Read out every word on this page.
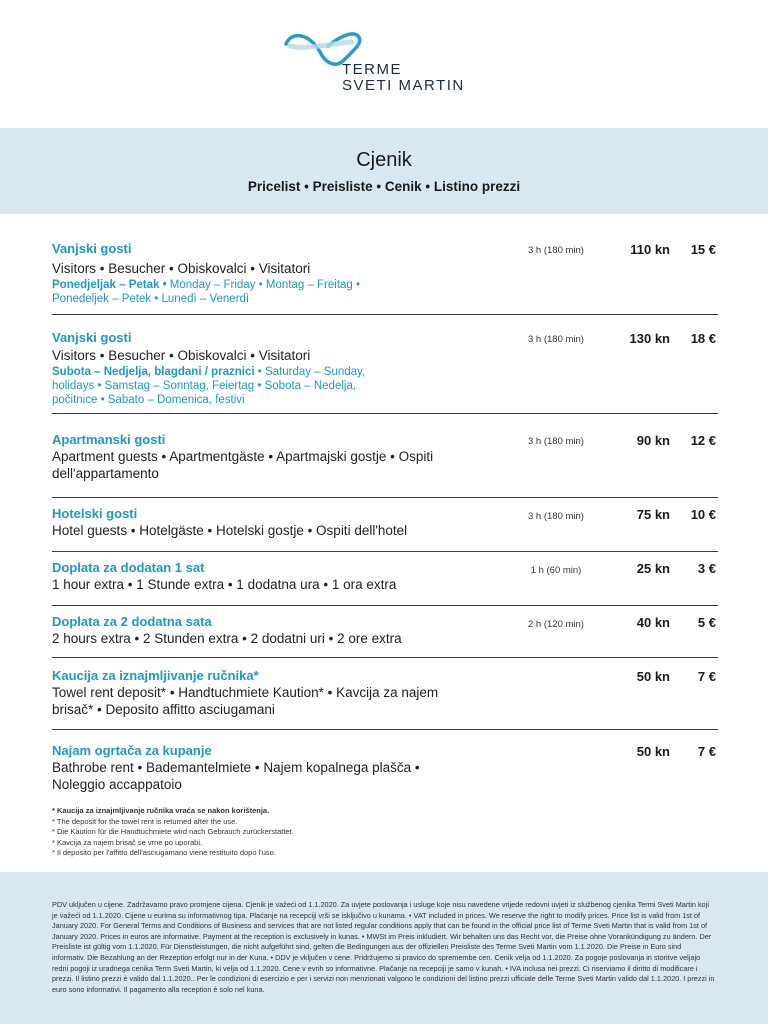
TERME
SVETI MARTIN
Cjenik
Pricelist • Preisliste • Cenik • Listino prezzi
Vanjski gosti
Visitors • Besucher • Obiskovalci • Visitatori
Ponedjeljak – Petak • Monday – Friday • Montag – Freitag • Ponedeljek – Petek • Lunedì – Venerdì
3 h (180 min)	110 kn 15 €
Vanjski gosti
Visitors • Besucher • Obiskovalci • Visitatori
Subota – Nedjelja, blagdani / praznici • Saturday – Sunday, holidays • Samstag – Sonntag, Feiertag • Sobota – Nedelja, počitnice • Sabato – Domenica, festivi
3 h (180 min)	130 kn 18 €
Apartmanski gosti
Apartment guests • Apartmentgäste • Apartmajski gostje • Ospiti dell'appartamento
3 h (180 min)	90 kn 12 €
Hotelski gosti
Hotel guests • Hotelgäste • Hotelski gostje • Ospiti dell'hotel
3 h (180 min)	75 kn 10 €
Doplata za dodatan 1 sat
1 hour extra • 1 Stunde extra • 1 dodatna ura • 1 ora extra
1 h (60 min)	25 kn 3 €
Doplata za 2 dodatna sata
2 hours extra • 2 Stunden extra • 2 dodatni uri • 2 ore extra
2 h (120 min)	40 kn 5 €
Kaucija za iznajmljivanje ručnika*
Towel rent deposit* • Handtuchmiete Kaution* • Kavcija za najem brisač* • Deposito affitto asciugamani
50 kn 7 €
Najam ogrtača za kupanje
Bathrobe rent • Bademantelmiete • Najem kopalnega plašča • Noleggio accappatoio
50 kn 7 €
* Kaucija za iznajmljivanje ručnika vraća se nakon korištenja.
* The deposit for the towel rent is returned after the use.
* Die Kaution für die Handtuchmiete wird nach Gebrauch zurückerstattet.
* Kavcija za najem brisač se vrne po uporabi.
* Il deposito per l'affitto dell'asciugamano viene restituito dopo l'uso.
PDV uključen u cijene. Zadržavamo pravo promjene cijena. Cjenik je važeći od 1.1.2020. Za uvjete poslovanja i usluge koje nisu navedene vrijede redovni uvjeti iz službenog cjenika Termi Sveti Martin koji je važeći od 1.1.2020. Cijene u eurima su informativnog tipa. Plaćanje na recepciji vrši se isključivo u kunama. • VAT included in prices. We reserve the right to modify prices. Price list is valid from 1st of January 2020. For General Terms and Conditions of Business and services that are not listed regular conditions apply that can be found in the official price list of Terme Sveti Martin that is valid from 1st of January 2020. Prices in euros are informative. Payment at the reception is exclusively in kunas. • MWSt im Preis inkludiert. Wir behalten uns das Recht vor, die Preise ohne Vorankündigung zu ändern. Der Preisliste ist gültig vom 1.1.2020. Für Dienstleistungen, die nicht aufgeführt sind, gelten die Bedingungen aus der offiziellen Preisliste des Terme Sveti Martin vom 1.1.2020. Die Preise in Euro sind informativ. Die Bezahlung an der Rezeption erfolgt nur in der Kuna. • DDV je vključen v cene. Pridržujemo si pravico do spremembe cen. Cenik velja od 1.1.2020. Za pogoje poslovanja in storitve veljajo redni pogoji iz uradnega cenika Term Sveti Martin, ki velja od 1.1.2020. Cene v evrih so informativne. Plačanje na recepciji je samo v kunah. • IVA inclusa nei prezzi. Ci riserviamo il diritto di modificare i prezzi. Il listino prezzi è valido dal 1.1.2020.. Per le condizioni di esercizio e per i servizi non menzionati valgono le condizioni del listino prezzi ufficiale delle Terme Sveti Martin valido dal 1.1.2020. I prezzi in euro sono informativi. Il pagamento alla reception è solo nel kuna.
